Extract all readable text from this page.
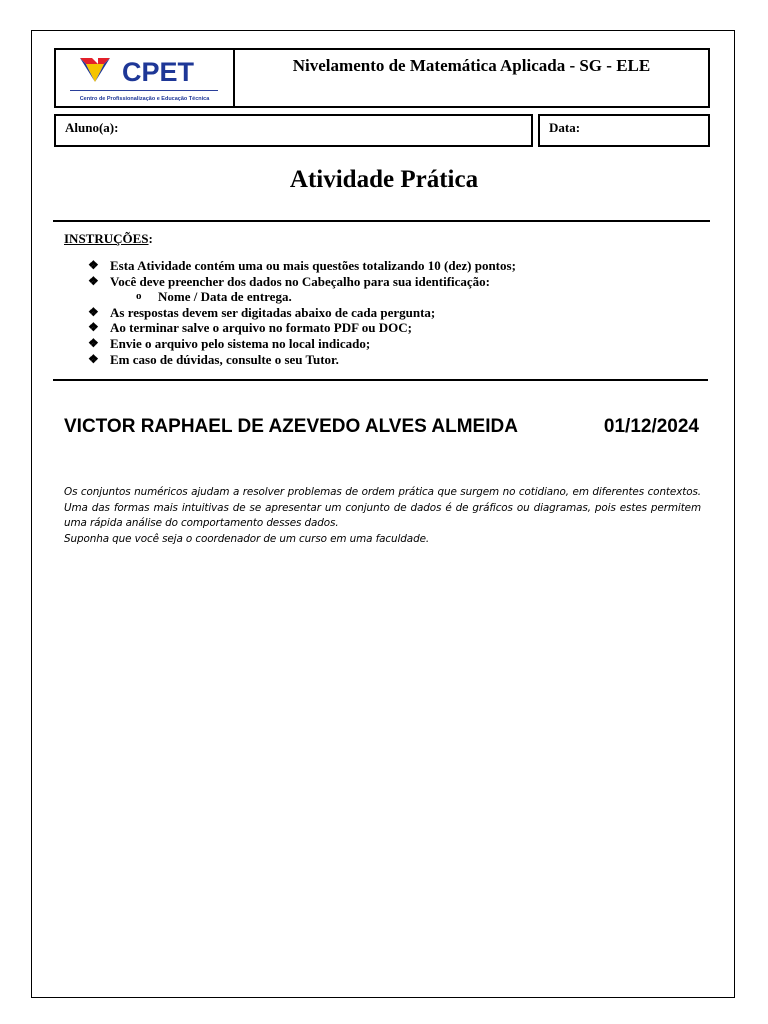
CPET
Centro de Profissionalização e Educação Técnica
Nivelamento de Matemática Aplicada - SG - ELE
Aluno(a):	Data:
Atividade Prática
INSTRUÇÕES:
❖ Esta Atividade contém uma ou mais questões totalizando 10 (dez) pontos;
❖ Você deve preencher dos dados no Cabeçalho para sua identificação:
o	Nome / Data de entrega.
❖ As respostas devem ser digitadas abaixo de cada pergunta;
❖ Ao terminar salve o arquivo no formato PDF ou DOC;
❖ Envie o arquivo pelo sistema no local indicado;
❖ Em caso de dúvidas, consulte o seu Tutor.
VICTOR RAPHAEL DE AZEVEDO ALVES ALMEIDA	01/12/2024

Os conjuntos numéricos ajudam a resolver problemas de ordem prática que surgem no cotidiano, em diferentes contextos. Uma das formas mais intuitivas de se apresentar um conjunto de dados é de gráficos ou diagramas, pois estes permitem uma rápida análise do comportamento desses dados.

Suponha que você seja o coordenador de um curso em uma faculdade.
